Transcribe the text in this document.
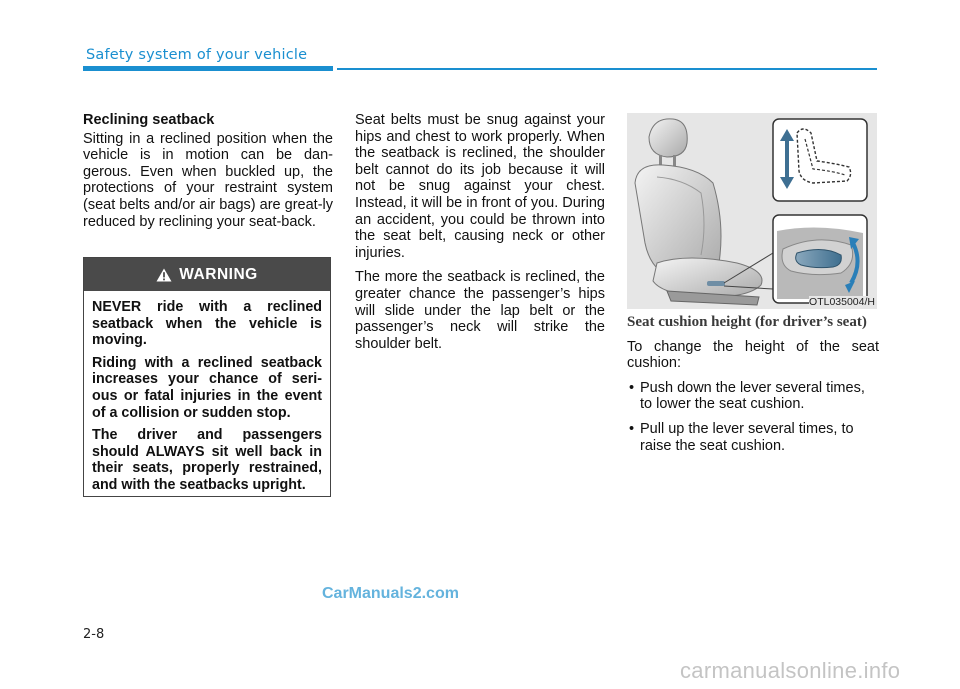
Safety system of your vehicle
Reclining seatback

Sitting in a reclined position when the vehicle is in motion can be dan-gerous. Even when buckled up, the protections of your restraint system (seat belts and/or air bags) are great-ly reduced by reclining your seat-back.

WARNING

NEVER ride with a reclined seatback when the vehicle is moving.

Riding with a reclined seatback increases your chance of seri-ous or fatal injuries in the event of a collision or sudden stop.

The driver and passengers should ALWAYS sit well back in their seats, properly restrained, and with the seatbacks upright.

Seat belts must be snug against your hips and chest to work properly. When the seatback is reclined, the shoulder belt cannot do its job because it will not be snug against your chest. Instead, it will be in front of you. During an accident, you could be thrown into the seat belt, causing neck or other injuries.

The more the seatback is reclined, the greater chance the passenger’s hips will slide under the lap belt or the passenger’s neck will strike the shoulder belt.

OTL035004/H
Seat cushion height (for driver’s seat)

To change the height of the seat cushion:

• Push down the lever several times, to lower the seat cushion.
• Pull up the lever several times, to raise the seat cushion.
2-8
CarManuals2.com
carmanualsonline.info
